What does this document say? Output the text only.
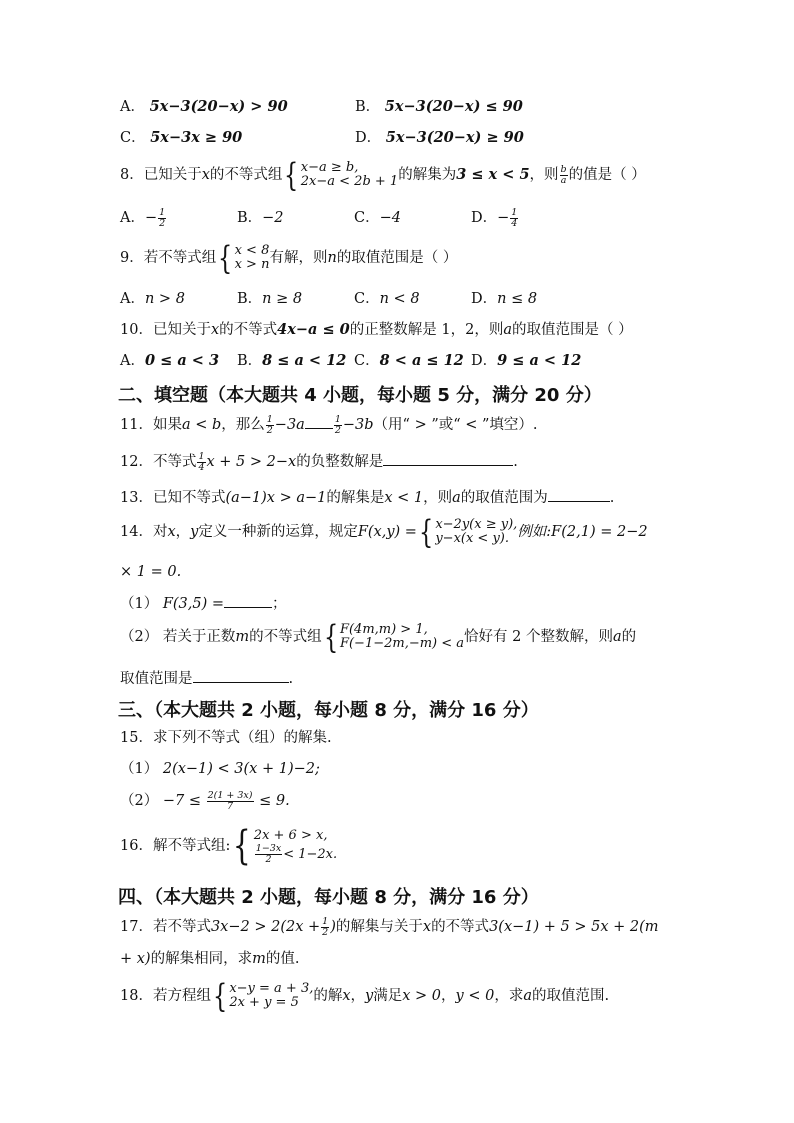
A． 5x−3(20−x) > 90	B． 5x−3(20−x) ≤ 90
C． 5x−3x ≥ 90	D． 5x−3(20−x) ≥ 90
8．已知关于x的不等式组 { x−a ≥ b,
2x−a < 2b + 1 的解集为3 ≤ x < 5，则 $\frac{b}{a}$ 的值是（ ）
A．− $\frac{1}{2}$	B．−2	C．−4	D．− $\frac{1}{4}$
9．若不等式组 { x < 8
x > n 有解，则n的取值范围是（ ）
A．n > 8	B．n ≥ 8	C．n < 8	D．n ≤ 8
10．已知关于x的不等式4x−a ≤ 0的正整数解是 1，2，则a的取值范围是（ ）
A．0 ≤ a < 3 B．8 ≤ a < 12 C．8 < a ≤ 12 D．9 ≤ a < 12
二、填空题（本大题共 4 小题，每小题 5 分，满分 20 分）
11．如果a < b，那么 $\frac{1}{2} -3a$	$\frac{1}{2} -3b$（用“ > ”或“ < ”填空）.
12．不等式 $\frac{1}{4}$ x + 5 > 2−x的负整数解是	.
13．已知不等式(a−1)x > a−1的解集是x < 1，则a的取值范围为	.
14．对x，y定义一种新的运算，规定F(x,y) = { x−2y(x ≥ y),
y−x(x < y). 例如:F(2,1) = 2−2
× 1 = 0.
（1） F(3,5) =	；
（2） 若关于正数m的不等式组 { F(4m,m) > 1,
F(−1−2m,−m) < a 恰好有 2 个整数解，则a的
取值范围是	.
三、（本大题共 2 小题，每小题 8 分，满分 16 分）
15．求下列不等式（组）的解集.
（1） 2(x−1) < 3(x + 1)−2;
$(2) -7 \le \frac{2(1 + 3x)}{7} \le 9$.
16．解不等式组: { 2x + 6 > x,
$\frac{1-3x}{2} < 1-2x$.
四、（本大题共 2 小题，每小题 8 分，满分 16 分）
17．若不等式$3x-2 > 2(2x + \frac{1}{2}$ )的解集与关于x的不等式3(x−1) + 5 > 5x + 2(m
+ x)的解集相同，求m的值.
18．若方程组 { x−y = a + 3,
2x + y = 5	的解x，y满足x > 0，y < 0，求a的取值范围.
